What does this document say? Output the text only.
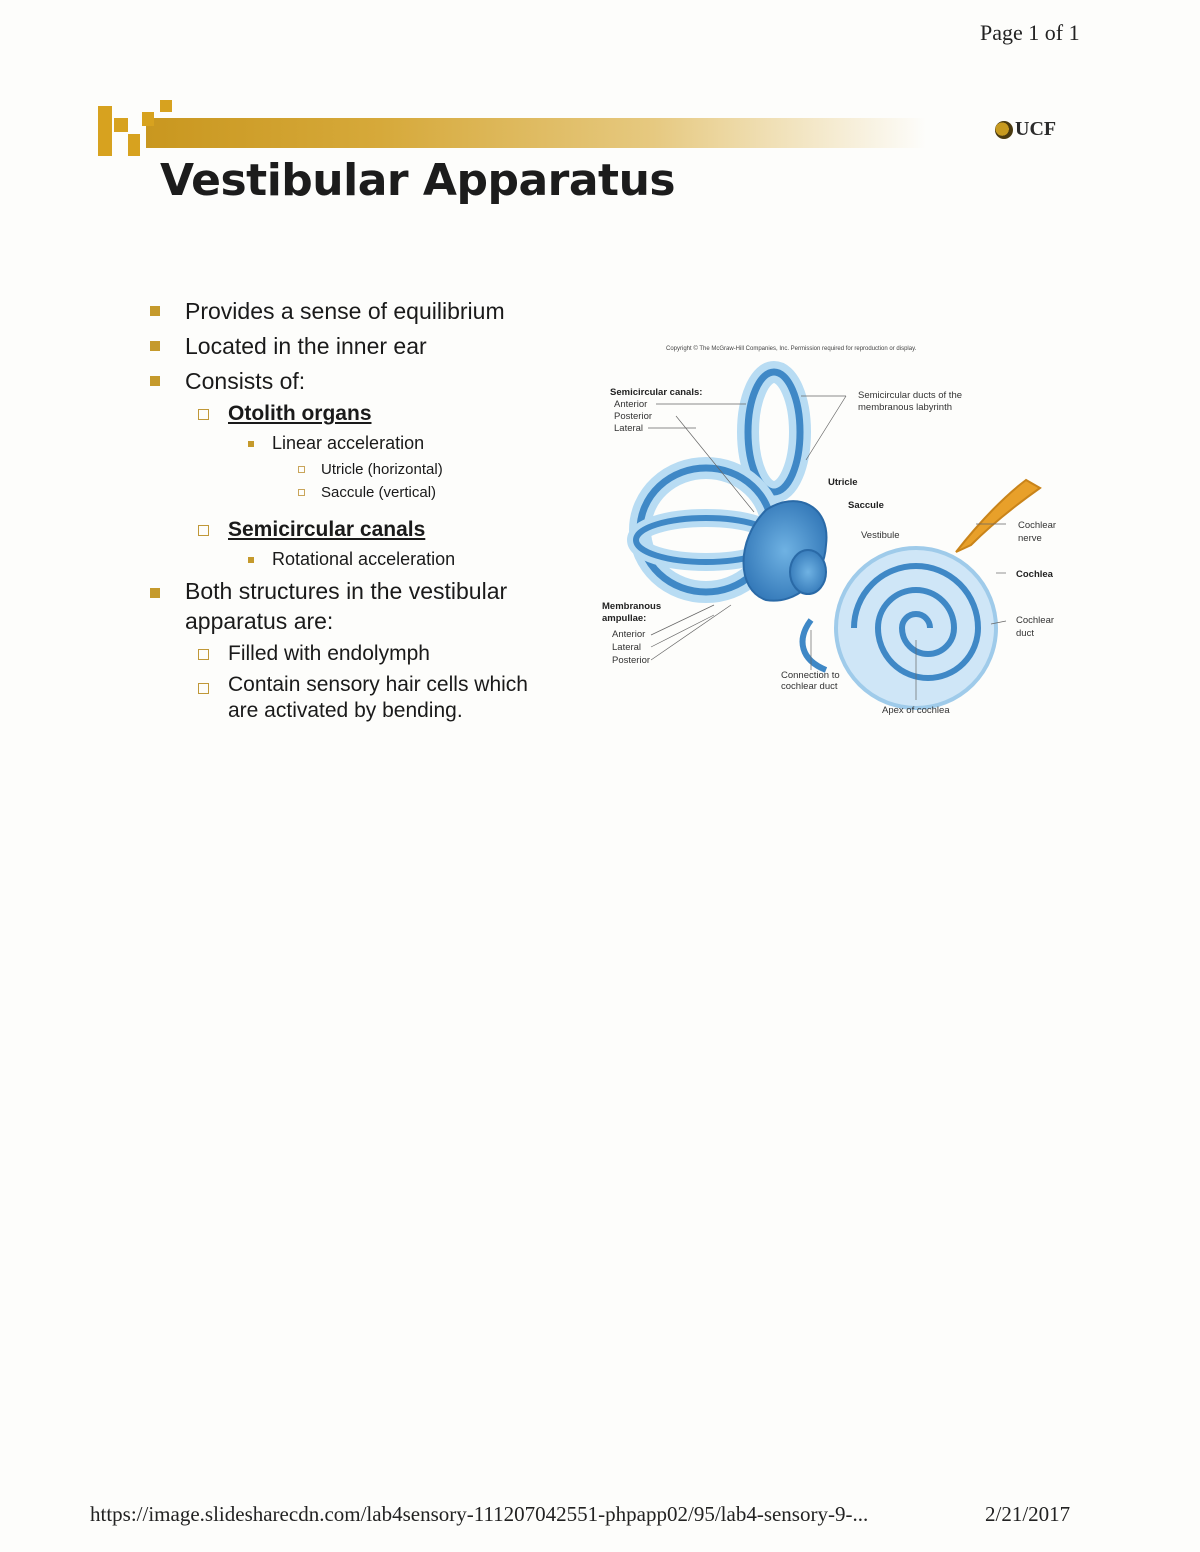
Page 1 of 1
UCF
Vestibular Apparatus
Provides a sense of equilibrium
Located in the inner ear
Consists of:
Otolith organs
Linear acceleration
Utricle (horizontal)
Saccule (vertical)
Semicircular canals
Rotational acceleration
Both structures in the vestibular
apparatus are:
Filled with endolymph
Contain sensory hair cells which
are activated by bending.
Copyright © The McGraw-Hill Companies, Inc. Permission required for reproduction or display.
Semicircular canals:
Anterior
Posterior
Lateral
Semicircular ducts of the
membranous labyrinth
Utricle
Saccule
Vestibule
Cochlear
nerve
Cochlea
Cochlear
duct
Membranous
ampullae:
Anterior
Lateral
Posterior
Connection to
cochlear duct
Apex of cochlea
https://image.slidesharecdn.com/lab4sensory-111207042551-phpapp02/95/lab4-sensory-9-...	2/21/2017
